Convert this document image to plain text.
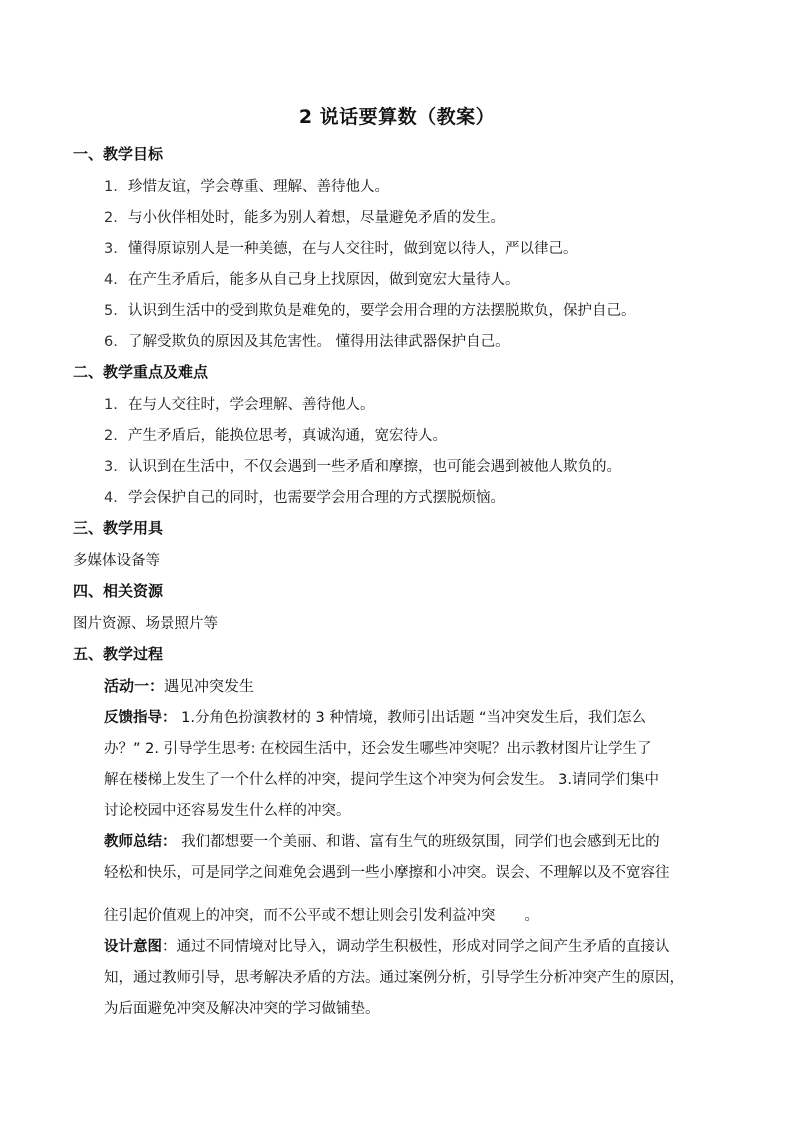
2 说话要算数（教案）
一、教学目标
1. 珍惜友谊，学会尊重、理解、善待他人。
2. 与小伙伴相处时，能多为别人着想，尽量避免矛盾的发生。
3. 懂得原谅别人是一种美德，在与人交往时，做到宽以待人，严以律己。
4. 在产生矛盾后，能多从自己身上找原因，做到宽宏大量待人。
5. 认识到生活中的受到欺负是难免的，要学会用合理的方法摆脱欺负，保护自己。
6. 了解受欺负的原因及其危害性。 懂得用法律武器保护自己。
二、教学重点及难点
1. 在与人交往时，学会理解、善待他人。
2. 产生矛盾后，能换位思考，真诚沟通，宽宏待人。
3. 认识到在生活中，不仅会遇到一些矛盾和摩擦，也可能会遇到被他人欺负的。
4. 学会保护自己的同时，也需要学会用合理的方式摆脱烦恼。
三、教学用具
多媒体设备等
四、相关资源
图片资源、场景照片等
五、教学过程
活动一：遇见冲突发生
反馈指导： 1.分角色扮演教材的 3 种情境，教师引出话题 “当冲突发生后，我们怎么
办？” 2. 引导学生思考: 在校园生活中，还会发生哪些冲突呢？出示教材图片让学生了
解在楼梯上发生了一个什么样的冲突，提问学生这个冲突为何会发生。 3.请同学们集中
讨论校园中还容易发生什么样的冲突。
教师总结： 我们都想要一个美丽、和谐、富有生气的班级氛围，同学们也会感到无比的
轻松和快乐，可是同学之间难免会遇到一些小摩擦和小冲突。误会、不理解以及不宽容往
往引起价值观上的冲突，而不公平或不想让则会引发利益冲突　　。
设计意图：通过不同情境对比导入，调动学生积极性，形成对同学之间产生矛盾的直接认
知，通过教师引导，思考解决矛盾的方法。通过案例分析，引导学生分析冲突产生的原因，
为后面避免冲突及解决冲突的学习做铺垫。
